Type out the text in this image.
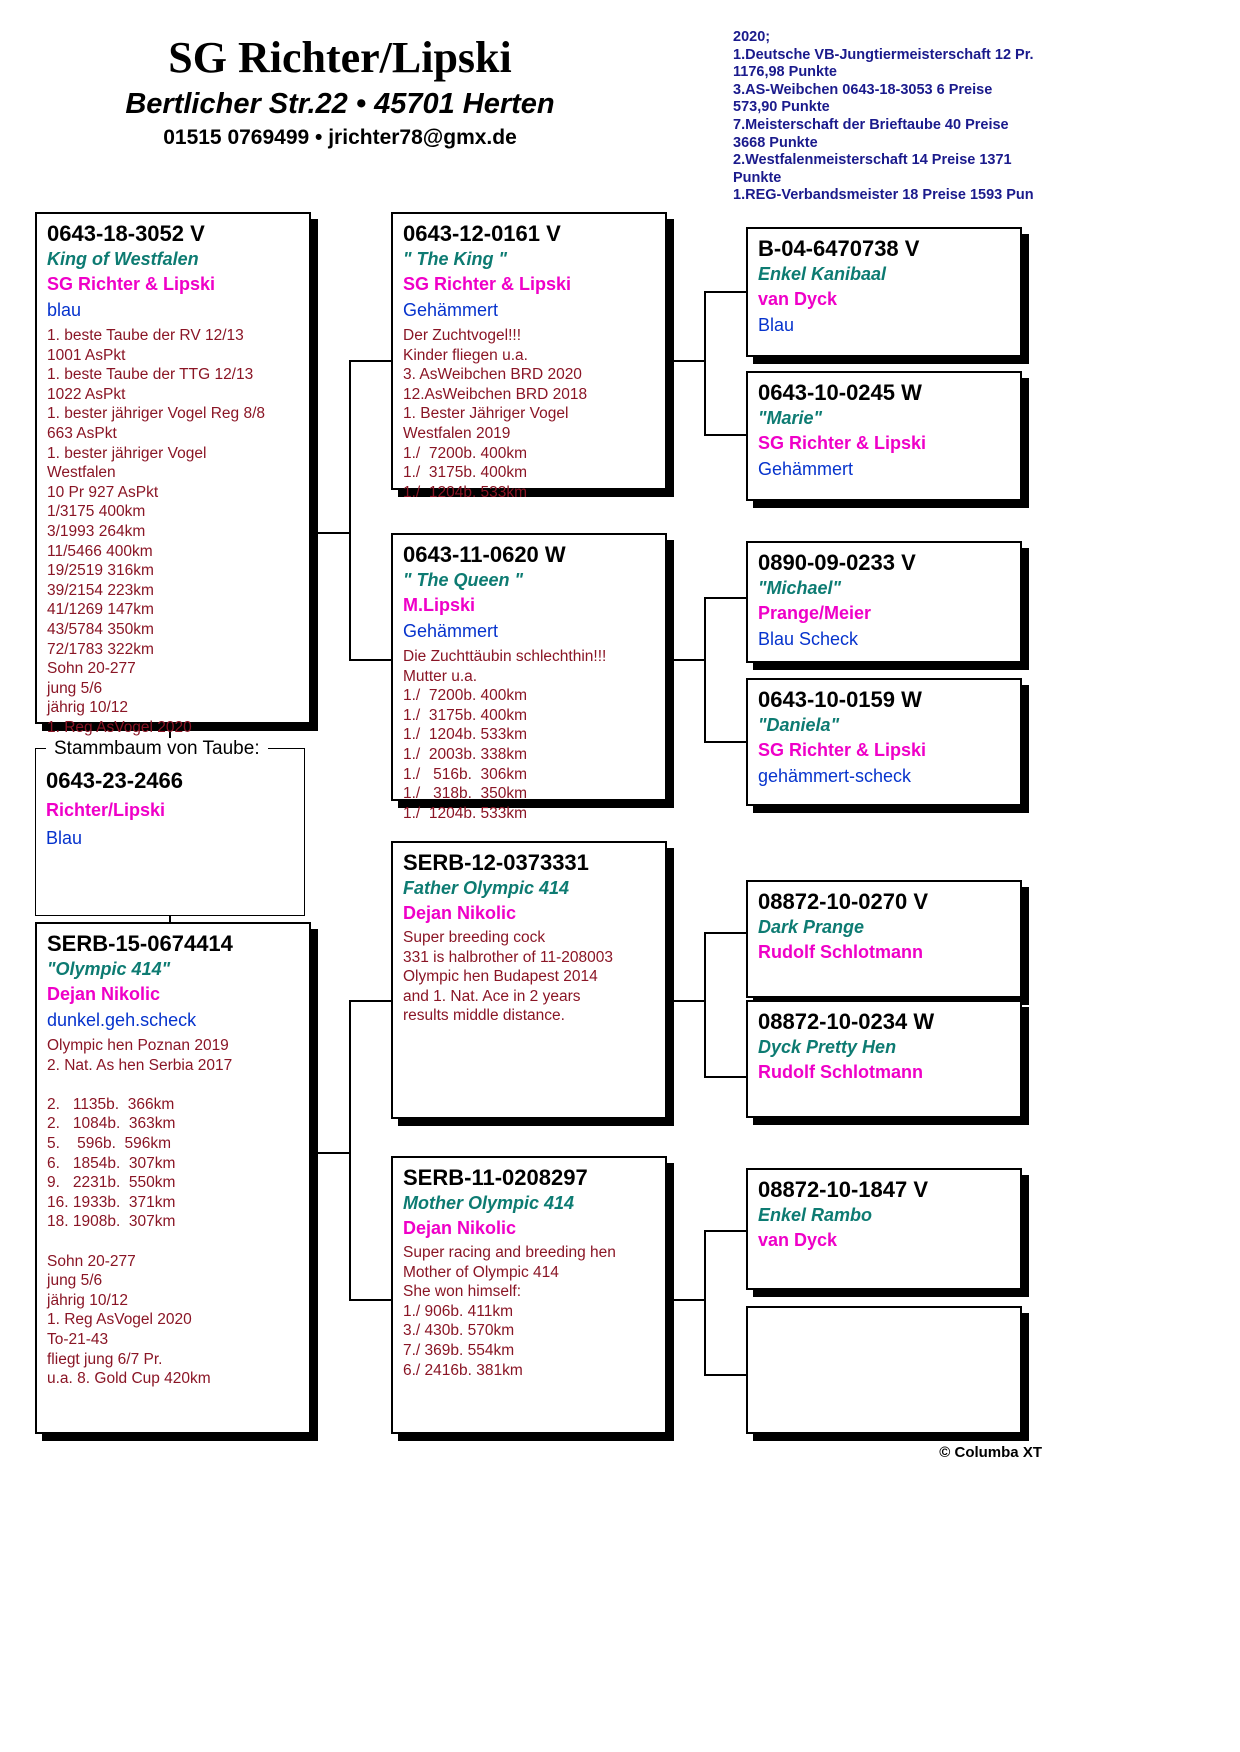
SG Richter/Lipski
Bertlicher Str.22 • 45701 Herten
01515 0769499 • jrichter78@gmx.de
2020;
1.Deutsche VB-Jungtiermeisterschaft 12 Pr.
1176,98 Punkte
3.AS-Weibchen 0643-18-3053 6 Preise
573,90 Punkte
7.Meisterschaft der Brieftaube 40 Preise
3668 Punkte
2.Westfalenmeisterschaft 14 Preise 1371
Punkte
1.REG-Verbandsmeister 18 Preise 1593 Pun
0643-18-3052 V
King of Westfalen
SG Richter & Lipski
blau
1. beste Taube der RV 12/13
1001 AsPkt
1. beste Taube der TTG 12/13
1022 AsPkt
1. bester jähriger Vogel Reg 8/8
663 AsPkt
1. bester jähriger Vogel
Westfalen
10 Pr 927 AsPkt
1/3175 400km
3/1993 264km
11/5466 400km
19/2519 316km
39/2154 223km
41/1269 147km
43/5784 350km
72/1783 322km
Sohn 20-277
jung 5/6
jährig 10/12
1. Reg AsVogel 2020
SERB-15-0674414
"Olympic 414"
Dejan Nikolic
dunkel.geh.scheck
Olympic hen Poznan 2019
2. Nat. As hen Serbia 2017

2.   1135b.  366km
2.   1084b.  363km
5.    596b.  596km
6.   1854b.  307km
9.   2231b.  550km
16. 1933b.  371km
18. 1908b.  307km

Sohn 20-277
jung 5/6
jährig 10/12
1. Reg AsVogel 2020
To-21-43
fliegt jung 6/7 Pr.
u.a. 8. Gold Cup 420km
Stammbaum von Taube:
0643-23-2466
Richter/Lipski
Blau
0643-12-0161 V
" The King "
SG Richter & Lipski
Gehämmert
Der Zuchtvogel!!!
Kinder fliegen u.a.
3. AsWeibchen BRD 2020
12.AsWeibchen BRD 2018
1. Bester Jähriger Vogel
Westfalen 2019
1./  7200b. 400km
1./  3175b. 400km
1./  1204b. 533km
0643-11-0620 W
" The Queen "
M.Lipski
Gehämmert
Die Zuchttäubin schlechthin!!!
Mutter u.a.
1./  7200b. 400km
1./  3175b. 400km
1./  1204b. 533km
1./  2003b. 338km
1./   516b.  306km
1./   318b.  350km
1./  1204b. 533km
SERB-12-0373331
Father Olympic 414
Dejan Nikolic
Super breeding cock
331 is halbrother of 11-208003
Olympic hen Budapest 2014
and 1. Nat. Ace in 2 years
results middle distance.
SERB-11-0208297
Mother Olympic 414
Dejan Nikolic
Super racing and breeding hen
Mother of Olympic 414
She won himself:
1./ 906b. 411km
3./ 430b. 570km
7./ 369b. 554km
6./ 2416b. 381km
B-04-6470738 V
Enkel Kanibaal
van Dyck
Blau
0643-10-0245 W
"Marie"
SG Richter & Lipski
Gehämmert
0890-09-0233 V
"Michael"
Prange/Meier
Blau Scheck
0643-10-0159 W
"Daniela"
SG Richter & Lipski
gehämmert-scheck
08872-10-0270 V
Dark Prange
Rudolf Schlotmann
08872-10-0234 W
Dyck Pretty Hen
Rudolf Schlotmann
08872-10-1847 V
Enkel Rambo
van Dyck
© Columba XT
